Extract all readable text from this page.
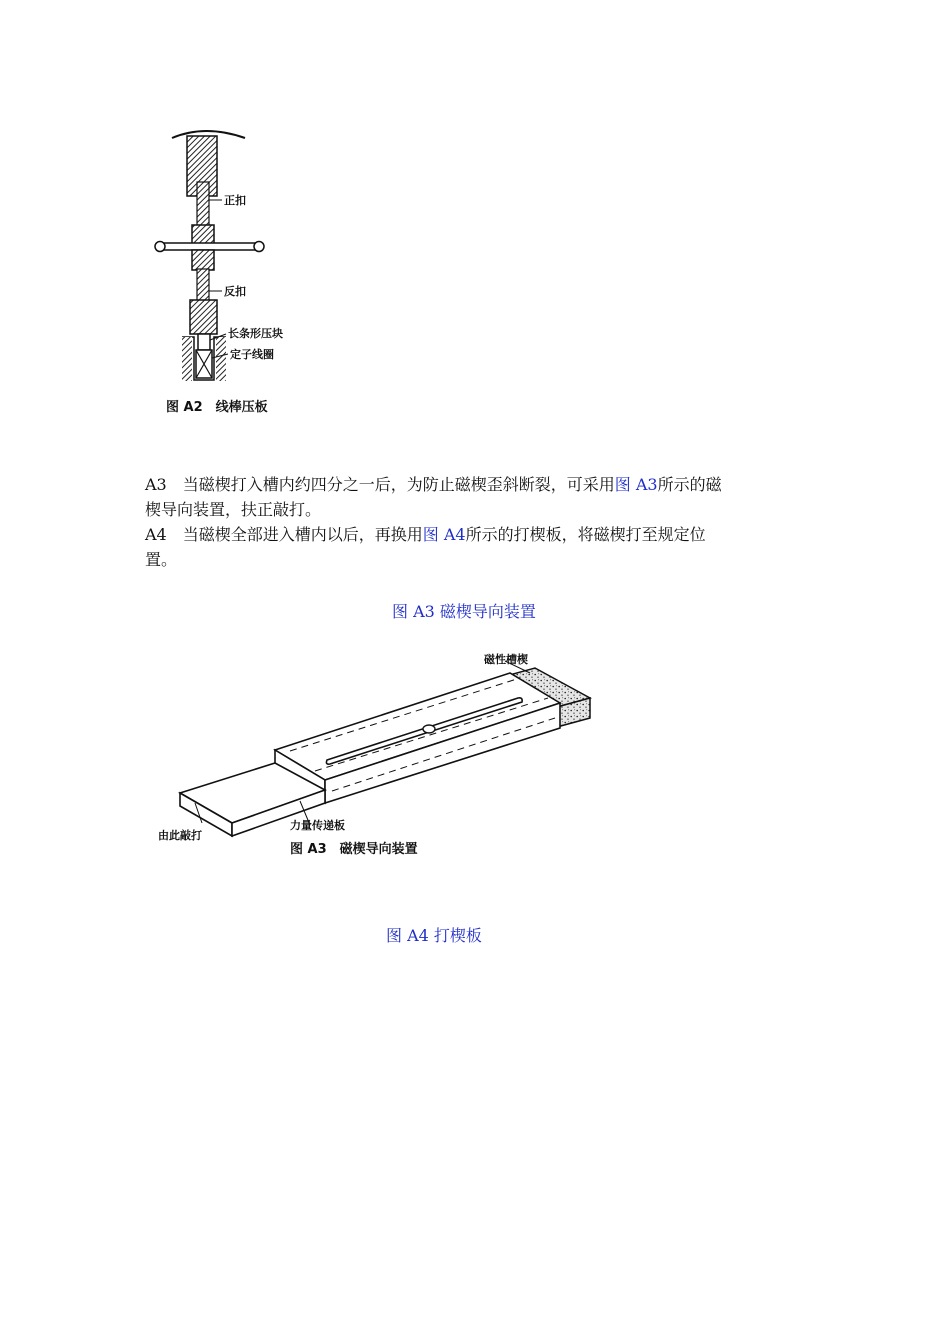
正扣
反扣
长条形压块
定子线圈
图 A2　线棒压板
A3　当磁楔打入槽内约四分之一后，为防止磁楔歪斜断裂，可采用图 A3所示的磁 楔导向装置，扶正敲打。
A4　当磁楔全部进入槽内以后，再换用图 A4所示的打楔板，将磁楔打至规定位 置。
图 A3 磁楔导向装置
磁性槽楔
由此敲打
力量传递板
图 A3　磁楔导向装置
图 A4 打楔板
